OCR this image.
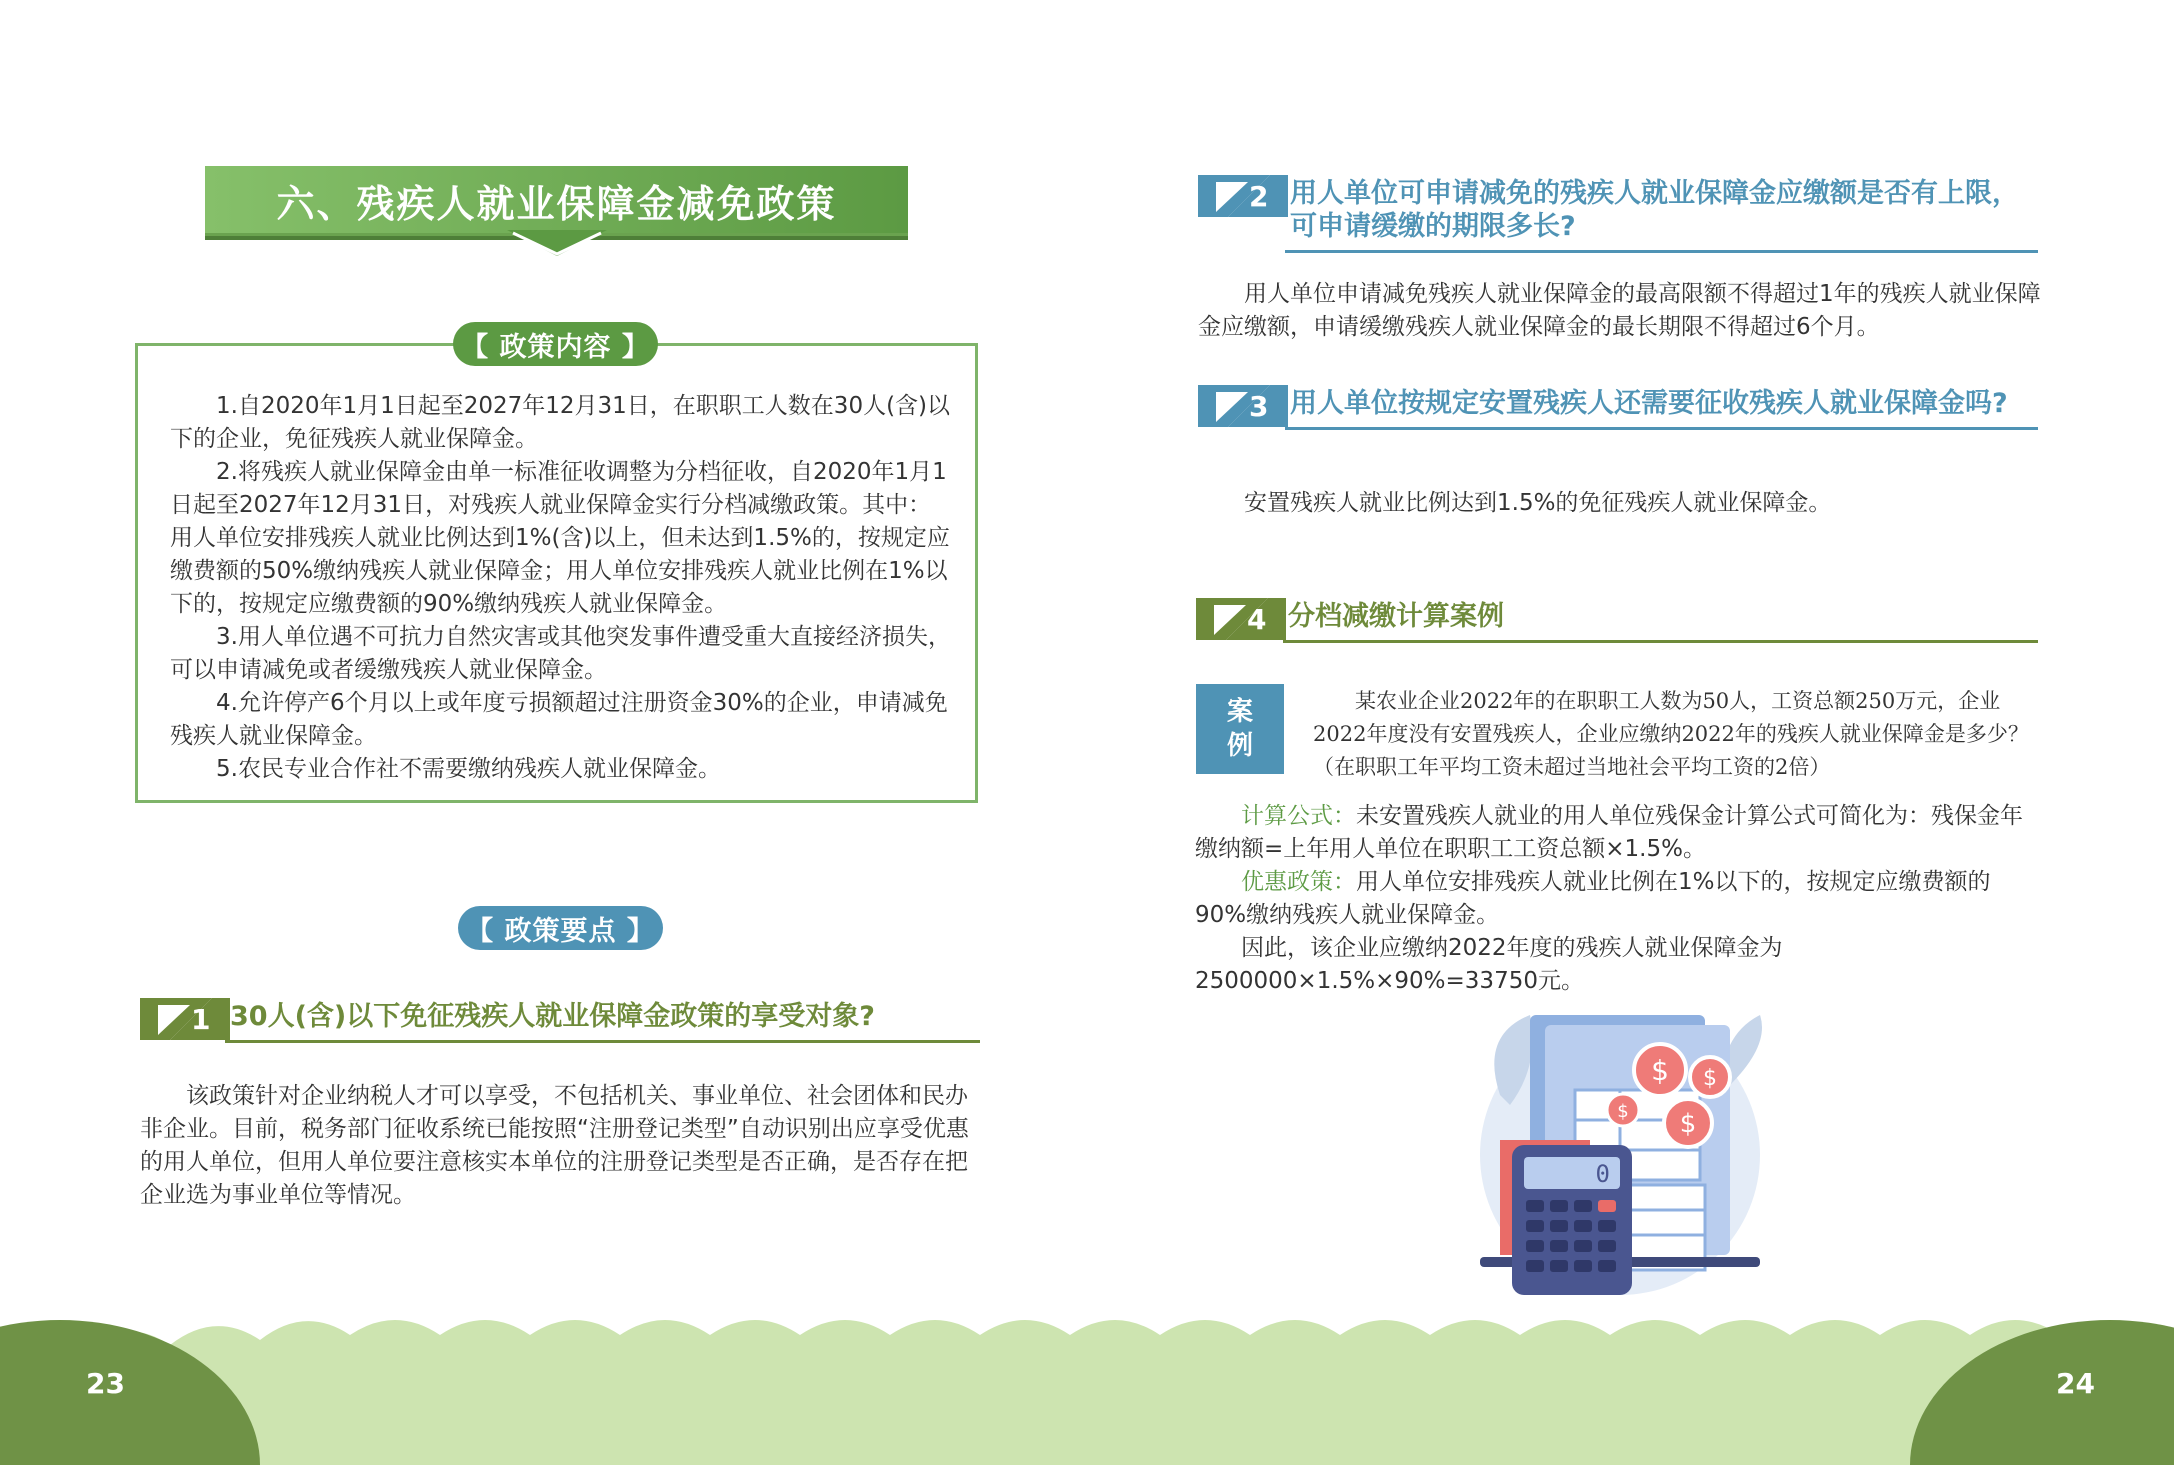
六、残疾人就业保障金减免政策
【 政策内容 】

1.自2020年1月1日起至2027年12月31日，在职职工人数在30人(含)以下的企业，免征残疾人就业保障金。

2.将残疾人就业保障金由单一标准征收调整为分档征收，自2020年1月1日起至2027年12月31日，对残疾人就业保障金实行分档减缴政策。其中：用人单位安排残疾人就业比例达到1%(含)以上，但未达到1.5%的，按规定应缴费额的50%缴纳残疾人就业保障金；用人单位安排残疾人就业比例在1%以下的，按规定应缴费额的90%缴纳残疾人就业保障金。

3.用人单位遇不可抗力自然灾害或其他突发事件遭受重大直接经济损失，可以申请减免或者缓缴残疾人就业保障金。

4.允许停产6个月以上或年度亏损额超过注册资金30%的企业，申请减免残疾人就业保障金。

5.农民专业合作社不需要缴纳残疾人就业保障金。

【 政策要点 】
1 30人(含)以下免征残疾人就业保障金政策的享受对象?

该政策针对企业纳税人才可以享受，不包括机关、事业单位、社会团体和民办非企业。目前，税务部门征收系统已能按照“注册登记类型”自动识别出应享受优惠的用人单位，但用人单位要注意核实本单位的注册登记类型是否正确，是否存在把企业选为事业单位等情况。

2 用人单位可申请减免的残疾人就业保障金应缴额是否有上限，
可申请缓缴的期限多长?

用人单位申请减免残疾人就业保障金的最高限额不得超过1年的残疾人就业保障金应缴额，申请缓缴残疾人就业保障金的最长期限不得超过6个月。

3 用人单位按规定安置残疾人还需要征收残疾人就业保障金吗?

安置残疾人就业比例达到1.5%的免征残疾人就业保障金。

4 分档减缴计算案例
案
例
某农业企业2022年的在职职工人数为50人，工资总额250万元，企业2022年度没有安置残疾人，企业应缴纳2022年的残疾人就业保障金是多少？（在职职工年平均工资未超过当地社会平均工资的2倍）

计算公式：未安置残疾人就业的用人单位残保金计算公式可简化为：残保金年缴纳额=上年用人单位在职职工工资总额×1.5%。

优惠政策：用人单位安排残疾人就业比例在1%以下的，按规定应缴费额的90%缴纳残疾人就业保障金。

因此，该企业应缴纳2022年度的残疾人就业保障金为2500000×1.5%×90%=33750元。

$ $
$ $
0
23	24
